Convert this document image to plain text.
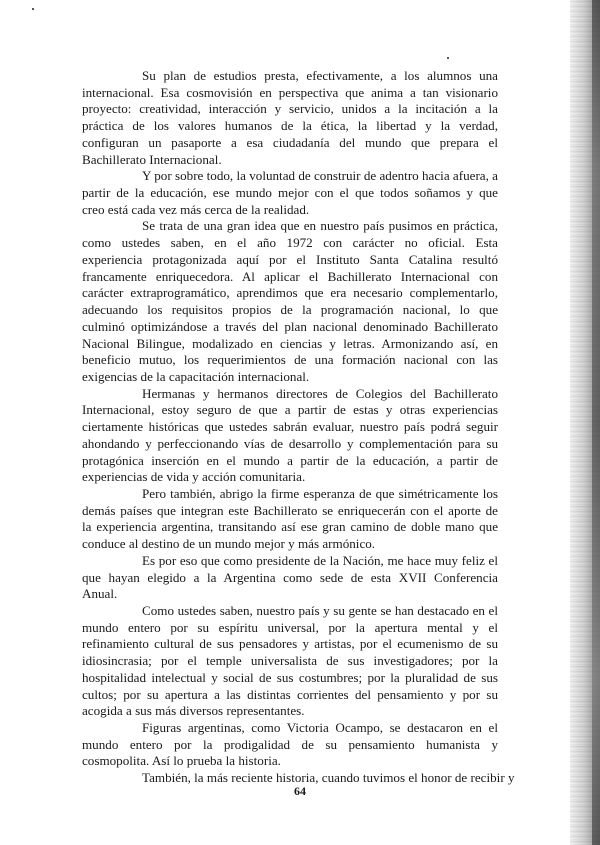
Su plan de estudios presta, efectivamente, a los alumnos una
internacional. Esa cosmovisión en perspectiva que anima a tan visionario
proyecto: creatividad, interacción y servicio, unidos a la incitación a la
práctica de los valores humanos de la ética, la libertad y la verdad,
configuran un pasaporte a esa ciudadanía del mundo que prepara el
Bachillerato Internacional.

Y por sobre todo, la voluntad de construir de adentro hacia afuera, a
partir de la educación, ese mundo mejor con el que todos soñamos y que
creo está cada vez más cerca de la realidad.

Se trata de una gran idea que en nuestro país pusimos en práctica,
como ustedes saben, en el año 1972 con carácter no oficial. Esta
experiencia protagonizada aquí por el Instituto Santa Catalina resultó
francamente enriquecedora. Al aplicar el Bachillerato Internacional con
carácter extraprogramático, aprendimos que era necesario complementarlo,
adecuando los requisitos propios de la programación nacional, lo que
culminó optimizándose a través del plan nacional denominado Bachillerato
Nacional Bilingue, modalizado en ciencias y letras. Armonizando así, en
beneficio mutuo, los requerimientos de una formación nacional con las
exigencias de la capacitación internacional.

Hermanas y hermanos directores de Colegios del Bachillerato
Internacional, estoy seguro de que a partir de estas y otras experiencias
ciertamente históricas que ustedes sabrán evaluar, nuestro país podrá seguir
ahondando y perfeccionando vías de desarrollo y complementación para su
protagónica inserción en el mundo a partir de la educación, a partir de
experiencias de vida y acción comunitaria.

Pero también, abrigo la firme esperanza de que simétricamente los
demás países que integran este Bachillerato se enriquecerán con el aporte de
la experiencia argentina, transitando así ese gran camino de doble mano que
conduce al destino de un mundo mejor y más armónico.

Es por eso que como presidente de la Nación, me hace muy feliz el
que hayan elegido a la Argentina como sede de esta XVII Conferencia
Anual.

Como ustedes saben, nuestro país y su gente se han destacado en el
mundo entero por su espíritu universal, por la apertura mental y el
refinamiento cultural de sus pensadores y artistas, por el ecumenismo de su
idiosincrasia; por el temple universalista de sus investigadores; por la
hospitalidad intelectual y social de sus costumbres; por la pluralidad de sus
cultos; por su apertura a las distintas corrientes del pensamiento y por su
acogida a sus más diversos representantes.

Figuras argentinas, como Victoria Ocampo, se destacaron en el
mundo entero por la prodigalidad de su pensamiento humanista y
cosmopolita. Así lo prueba la historia.

También, la más reciente historia, cuando tuvimos el honor de recibir y

64
